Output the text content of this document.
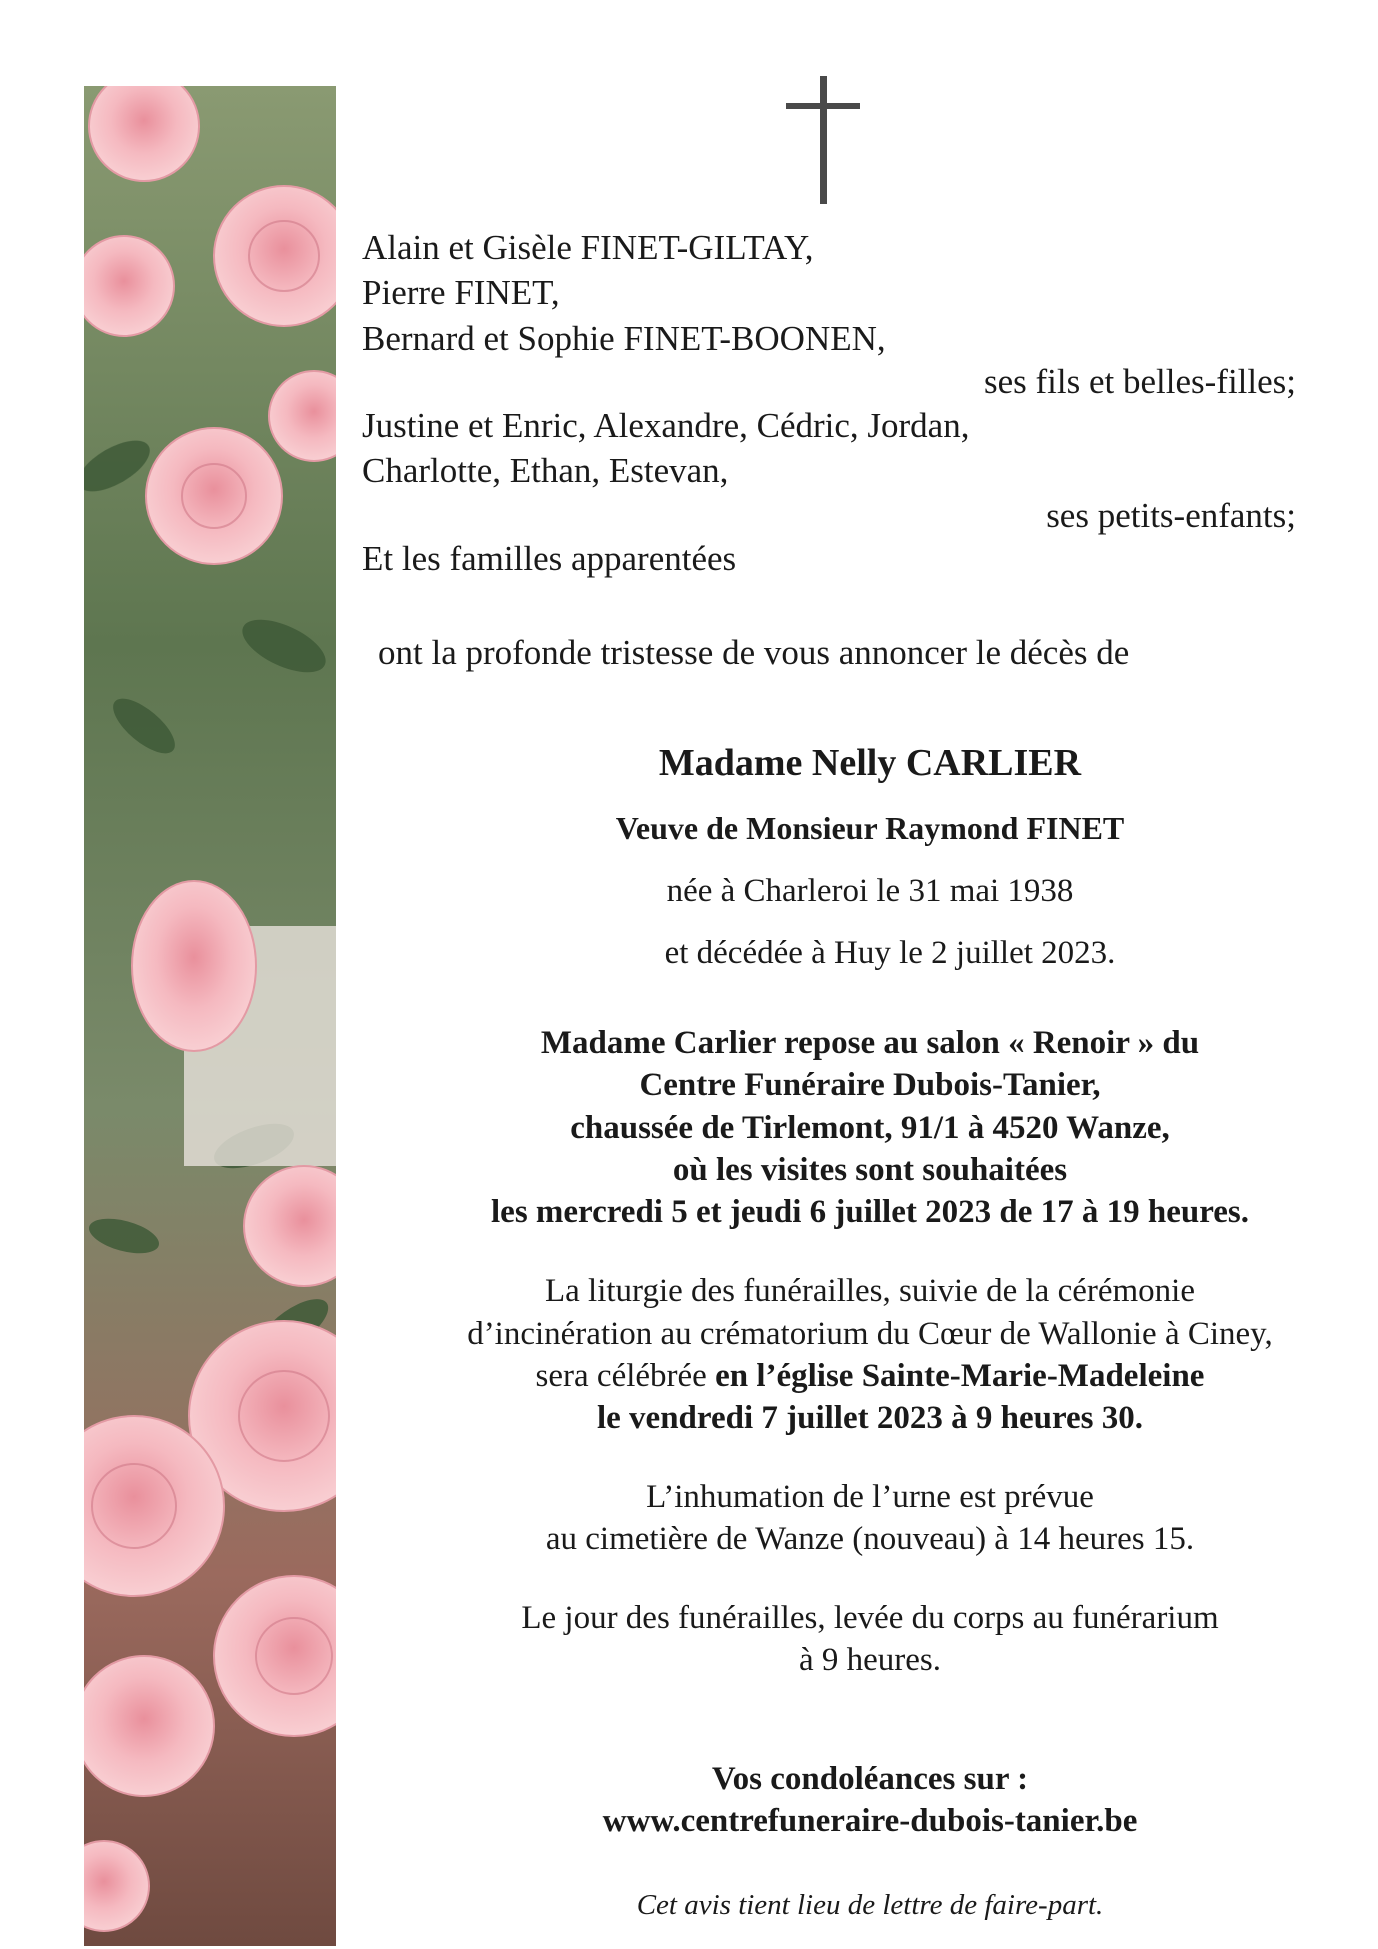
Alain et Gisèle FINET-GILTAY,
Pierre FINET,
Bernard et Sophie FINET-BOONEN,
ses fils et belles-filles;
Justine et Enric, Alexandre, Cédric, Jordan,
Charlotte, Ethan, Estevan,
ses petits-enfants;
Et les familles apparentées
ont la profonde tristesse de vous annoncer le décès de
Madame Nelly CARLIER
Veuve de Monsieur Raymond FINET
née à Charleroi le 31 mai 1938
et décédée à Huy le 2 juillet 2023.
Madame Carlier repose au salon « Renoir » du
Centre Funéraire Dubois-Tanier,
chaussée de Tirlemont, 91/1 à 4520 Wanze,
où les visites sont souhaitées
les mercredi 5 et jeudi 6 juillet 2023 de 17 à 19 heures.
La liturgie des funérailles, suivie de la cérémonie
d’incinération au crématorium du Cœur de Wallonie à Ciney,
sera célébrée en l’église Sainte-Marie-Madeleine
le vendredi 7 juillet 2023 à 9 heures 30.
L’inhumation de l’urne est prévue
au cimetière de Wanze (nouveau) à 14 heures 15.
Le jour des funérailles, levée du corps au funérarium
à 9 heures.
Vos condoléances sur :
www.centrefuneraire-dubois-tanier.be
Cet avis tient lieu de lettre de faire-part.
